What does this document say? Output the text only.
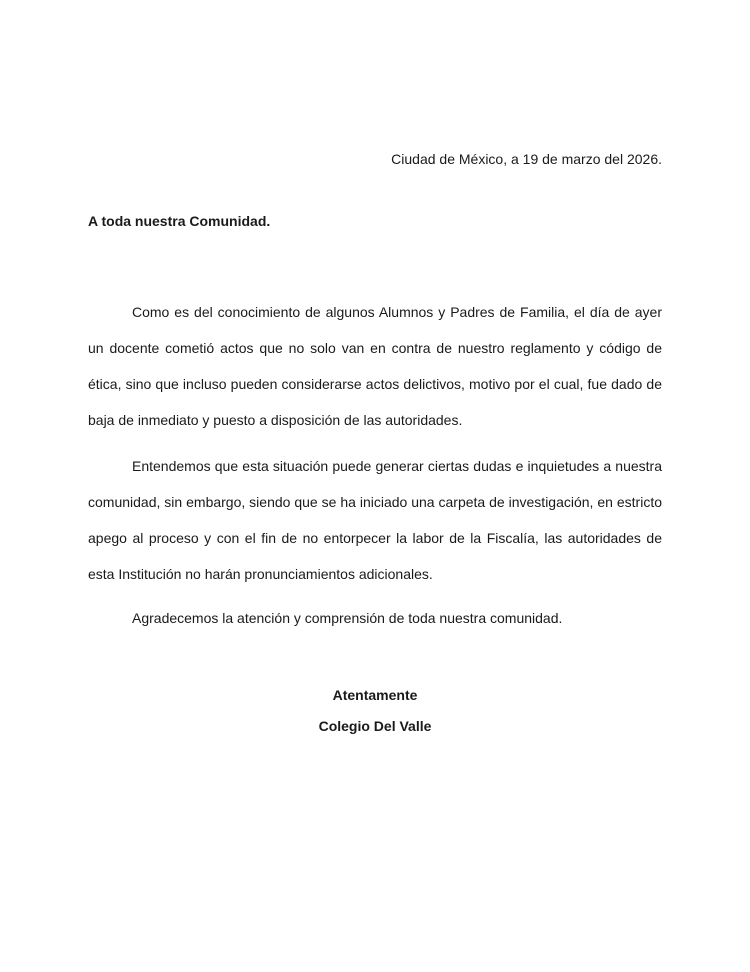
Ciudad de México, a 19 de marzo del 2026.
A toda nuestra Comunidad.

Como es del conocimiento de algunos Alumnos y Padres de Familia, el día de ayer un docente cometió actos que no solo van en contra de nuestro reglamento y código de ética, sino que incluso pueden considerarse actos delictivos, motivo por el cual, fue dado de baja de inmediato y puesto a disposición de las autoridades.

Entendemos que esta situación puede generar ciertas dudas e inquietudes a nuestra comunidad, sin embargo, siendo que se ha iniciado una carpeta de investigación, en estricto apego al proceso y con el fin de no entorpecer la labor de la Fiscalía, las autoridades de esta Institución no harán pronunciamientos adicionales.

Agradecemos la atención y comprensión de toda nuestra comunidad.

Atentamente
Colegio Del Valle
